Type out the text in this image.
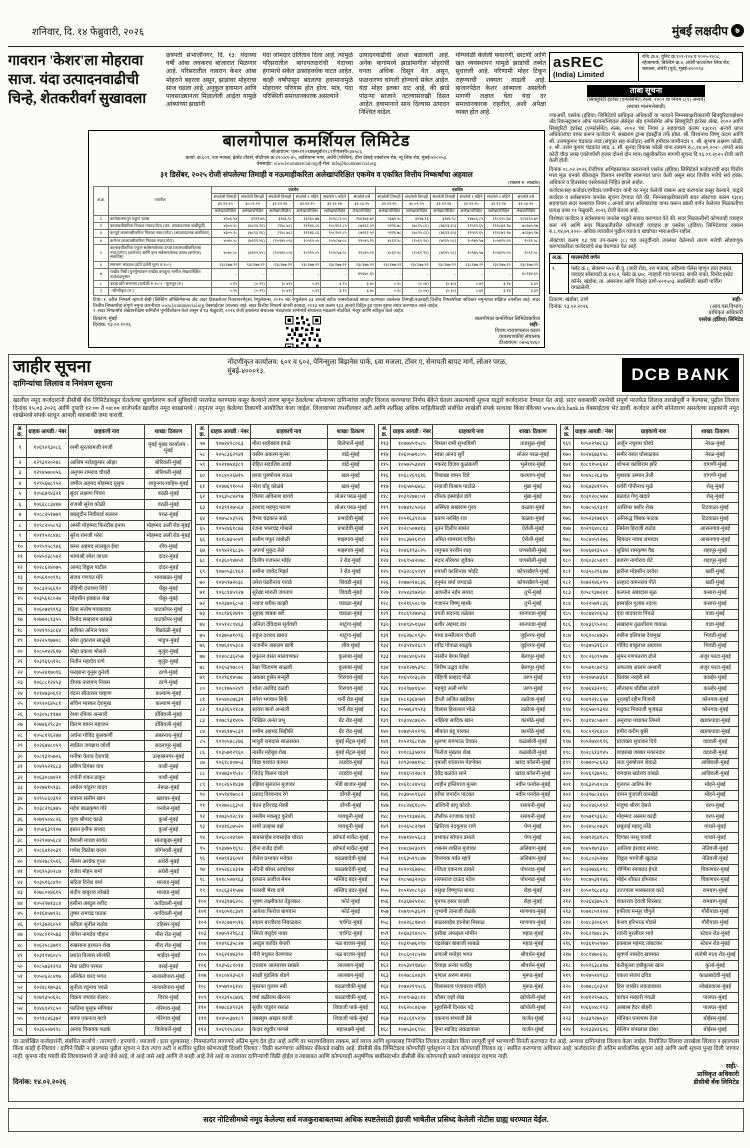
शनिवार, दि. १४ फेब्रुवारी, २०२६	मुंबई लक्षदीप ७
गावरान 'केशर'ला मोहरावा साज. यंदा उत्पादनवाढीची चिन्हे, शेतकरीवर्ग सुखावला
छत्रपती संभाजीनगर, दि. १३: यंदाच्या वर्षी आंबा लवकरच बाजारात मिळणार आहे. परिसरातील गावरान केशर आंबा मोहराने बहरला असून, झाडांवर मोहराचा साज चढला आहे. अनुकूल हवामान आणि पावसाळ्यानंतर मिळालेली आर्द्रता यामुळे आंब्याच्या झाडांनी
यंदा जोमदार उलिताव दिला आहे. त्यामुळे परिसरातील बागायतदारांची यंदाच्या हंगामाचे संकेत उत्साहवर्धक वाटत आहेत. काही वर्षांपासून बदलत्या हवामानामुळे मोहरावर परिणाम होत होता. मात्र, यंदा परिस्थिती समाधानकारक असल्याने
उत्पादनवाढीची आशा बळावली आहे. अनेक बागांमध्ये झाडांमागील मोहराची घनता अधिक दिसून येत असून, फळधारणा चांगली होण्याचे संकेत आहेत. यंदा मोहर इतका दाट आहे, की झाडे पांढऱ्या साजाने नटल्यासारखी दिसत आहेत. हवामानाने साथ दिल्यास उत्पादन निश्चित वाढेल.
योग्यवेळी केलेली फवारणी, छाटणी आणि खत व्यवस्थापन यामुळे झाडांची तब्येत सुधारली आहे. परिणामी मोहर टिकून राहण्याची शक्यता वाढली आहे. बाजारपेठेत केशर आंब्याला असलेली मागणी लक्षात घेता यंदा दर समाधानकारक राहतील, अशी अपेक्षा व्यक्त होत आहे.
asREC
(India) Limited
रजि. क्र.४, युनिट क्र.१०१-१०४ व १००५-१००८, रहेजामार्क, बिल्डिंग क्र.४, अंधेरी घाटकोपर लिंक रोड, चकाला, अंधेरी (पूर्व), मुंबई-४०००९३.
ताबा सूचना
(सिक्युरिटी इंटरेस्ट (एन्फोर्समेंट) रुल्स, २००२ चा नियम ८(१) अन्वये)
(स्थावर मालमत्तेसाठी)

ज्याअर्थी, एसरेक (इंडिया) लिमिटेडचे प्राधिकृत अधिकारी या नात्याने निम्नस्वाक्षरीकारांनी सिक्युरिटायझेशन अँड रिकन्स्ट्रक्शन ऑफ फायनान्शियल ॲसेट्स अँड एन्फोर्समेंट ऑफ सिक्युरिटी इंटरेस्ट ॲक्ट, २००२ आणि सिक्युरिटी इंटरेस्ट (एन्फोर्समेंट) रुल्स, २००२ च्या नियम ३ सहवाचता कलम १३(१२) अन्वये प्राप्त अधिकारांचा वापर करून कर्जदार मे. सखाराम ट्रान्स इंडस्ट्रीज तर्फे प्रोप्रा. श्री. विश्वनाथ विष्णू कदम आणि श्री. उत्तमकुमार चंद्रकांत लाड (संयुक्त सह-कर्जदार) आणि हमीदार/जामीनदार १. श्री. सुभाष लक्ष्मण कोळी, २. श्री. उत्तम कुमार चंद्रकांत लाड, ३. सौ. सुनंदा विकास कोळी यांना रक्कम रु.८,१४,७९,२०२/- (रुपये आठ कोटी चौदा लाख एकोणऐंशी हजार दोनशे दोन मात्र) वसुलीकरिता मागणी सूचना दि.१६.०९.२०२५ रोजी जारी केली होती.

दिनांक ०८.०२.२०२६ रोजीच्या अभिहस्तांकन करारान्वये एसरेक (इंडिया) लिमिटेडने कर्जदारांची सदर वित्तीय मत्ता मूळ धनको बँकेकडून विलयन समाविष्ट स्वरूपात प्राप्त केली असून सदर वित्तीय मत्तेचे सर्व हक्क, अधिकार व हितसंबंध एसरेककडे निहित झाले आहेत.

कर्जदार/सह-कर्जदार/हमीदार/जामीनदार यांनी वर नमूद केलेली रक्कम अदा करण्यास कसूर केल्याने, याद्वारे कर्जदार व सर्वसामान्य जनतेस सूचना देण्यात येते की, निम्नस्वाक्षरीकारांनी सदर ॲक्टच्या कलम १३(४) सहवाचता सदर रुल्सच्या नियम ८ अन्वये प्राप्त अधिकारांचा वापर करून खाली वर्णन केलेल्या मिळकतीचा प्रत्यक्ष ताबा ११ फेब्रुवारी, २०२६ रोजी घेतला आहे.

विशेषतः कर्जदार व सर्वसामान्य जनतेस याद्वारे सावध करण्यात येते की, सदर मिळकतीशी कोणताही व्यवहार करू नये आणि सदर मिळकतीवरील कोणताही व्यवहार हा एसरेक (इंडिया) लिमिटेडच्या रक्कम रु.८,१४,७९,२०२/- अधिक त्यावरील पुढील व्याज व खर्चाच्या भाराअधीन राहील.

ॲक्टच्या कलम १३ च्या उप-कलम (८) च्या तरतुदींन्वये उपलब्ध वेळेमध्ये तारण मत्तेची सोडवणूक करण्याकरिता कर्जदारांचे लक्ष वेधण्यात येत आहे.

अ.क्र.	मालमत्तेचे वर्णन
१.	फ्लॅट क्र.८, सेक्शन ५५० बी.यु. (जारी रोड), २रा मजला, अहिल्या पॅलेस म्हणून ज्ञात इमारत, जवाहर सोसायटी क्र.४९८२, फ्लॅट क्र.६७८, न्याहारी गाव पानवत, साकी नाका, विनोद इस्टेट कॉर्नर, खंडोबा, ता. अंबरनाथ आणि जिल्हा ठाणे-४२१५०३. सद्यस्थिती: खाली पार्किंग वगळलेली.
ठिकाण: खंडोबा, ठाणे
दिनांक: १३.०२.२०२६
सही/-
(आय.एस.विभाग)
प्राधिकृत अधिकारी
एसरेक (इंडिया) लिमिटेड
बालगोपाल कमर्शियल लिमिटेड
सीआयएन: एल५१९०९डब्ल्यूबी१९८१पीएलसी०३४५८६
कार्या. क्र.६०९, ९वा मजला, क्रेसेंट टॉवर्स, सीटीएस क्र.४९०/४९-४५, आशियाना नगर, अंधेरी (पश्चिम), वीरा देसाई एक्स्टेंशन रोड, न्यू लिंक रोड, मुंबई-४०००५३.
वेबसाईट: www.bcommercial.org/ई-मेल: info@bcommercial.org
३१ डिसेंबर, २०२५ रोजी संपलेल्या तिमाही व नऊमाहीकरिता अलेखापरिक्षित एकमेव व एकत्रित वित्तीय निष्कर्षांचा अहवाल
(रक्कम रु. लाखांत)
अ.क्र.	तपशील	एकमेव						एकत्रित					
		संपलेली तिमाही	संपलेली तिमाही	संपलेली तिमाही	संपलेले ९ महिने	संपलेले ९ महिने	संपलेले वर्ष	संपलेली तिमाही	संपलेली तिमाही	संपलेली तिमाही	संपलेले ९ महिने	संपलेले ९ महिने	संपलेले वर्ष
		३१.१२.२५	३०.०९.२५	३१.१२.२४	३१.१२.२५	३१.१२.२४	३१.०३.२५	३१.१२.२५	३०.०९.२५	३१.१२.२४	३१.१२.२५	३१.१२.२४	३१.०३.२५
		अलेखापरिक्षित	अलेखापरिक्षित	अलेखापरिक्षित	अलेखापरिक्षित	अलेखापरिक्षित	लेखापरिक्षित	अलेखापरिक्षित	अलेखापरिक्षित	अलेखापरिक्षित	अलेखापरिक्षित	अलेखापरिक्षित	लेखापरिक्षित
१	कार्यचालनातून एकूण उत्पन्न	४५०६.५४	३९२९.७५	३९७६.९८	१३९६०.७७	१०९८८९.५५	२५६९७३.७२	५६७५.९८	३५२७.९३	३९७६.९८	१४७८६.८९	११८९९०.६७	२८५६९५.७२
२	कालावधीकरिता निव्वळ नफा/(तोटा) (कर, अपवादात्मक बाबींपूर्वी)	४३०५.९८	(७८९३.२६)	(९५८.७८)	१११४६.८६	१०८२५२.८५	८७९६२.५२	५२२६.७८	(७८९५.८६)	(७६१३.६५)	१२५१९.६५	१११८७९.९७	७८६७५.९७
३	करपूर्व कालावधीकरिता निव्वळ नफा/(तोटा) (अपवादात्मक बाबींनंतर)	४३०५.९८	(७८९३.२६)	(९५८.७८)	१११४६.८६	१०८२५२.८५	८७९६२.५२	५२२६.७८	(७८९५.८६)	(७६१३.६५)	१२५१९.६५	१११८७९.९७	७८६७५.९७
४	करोत्तर कालावधीकरिता निव्वळ नफा/(तोटा)	४०४०.५८	(७९१९.५५)	(१०९४५.०५)	१०५१५.०५	१०५८५७.५८	९१०४५.११	४८६२.५८	(१०६९.९५)	(७९१५.५८)	१०९७५.५७	१०५४२५.५५	९५९१.५८
५	कालावधीकरिता एकूण सर्वसमावेशक उत्पन्न [कालावधीकरिताचा नफा/(तोटा) (करोत्तर) आणि इतर सर्वसमावेशक उत्पन्न (करोत्तर) समाविष्ट]	४०४०.५८	(७९१९.५५)	(१०९४५.०५)	१०५१५.०५	१०५८५७.५८	९१०४५.११	४८६२.५८	(१०६९.९५)	(७९१५.५८)	१०९७५.५७	१०५४२५.५५	९५९१.५८
६	समभाग भांडवल (प्रति दर्शनी मूल्य रु.१०/-)	९३८१७७.२२	९३८१७७.२२	९३८१७७.२२	९३८१७७.२२	९३८१७७.२२	९३८१७७.२२	९३८१७७.२२	९३८१७७.२२	९३८१७७.२२	९३८१७७.२२	९३८१७७.२२	९३८१७७.२२
७	राखीव निधी (पुनर्मूल्यांकन राखीव वगळून) मागील लेखापरिक्षित ताळेबंदानुसार	–	–	–	–	–	४५६७८.६५	–	–	–	–	–	४८२३४.६५
८	उत्पन्न प्रति समभाग (प्रत्येकी रु.१०/-) - मूलभूत (रु.)	०.१५	(०.२९)	(०.४१)	०.३९	३.९५	३.४०	०.१८	(०.०४)	(०.३०)	०.४१	३.९४	३.३९
९	- सौम्यीकृत (रु.)	०.१५	(०.२९)	(०.४१)	०.३९	३.९५	३.४०	०.१८	(०.०४)	(०.३०)	०.४१	३.९४	३.३९
टिपा: १. वरील निष्कर्ष म्हणजे सेबी (लिस्टिंग ऑब्लिगेशन्स अँड अदर डिस्क्लोजर रिक्वायरमेंट्स) रेग्युलेशन्स, २०१५ च्या रेग्युलेशन ३३ अन्वये स्टॉक एक्सचेंजकडे सादर करण्यात आलेल्या तिमाही/नऊमाही वित्तीय निष्कर्षांच्या सविस्तर नमुन्याचा संक्षिप्त तपशील आहे. सदर वित्तीय निष्कर्षांचा संपूर्ण नमुना कंपनीच्या www.bcommercial.org वेबसाईटवर उपलब्ध आहे. सदर वित्तीय निष्कर्ष कंपनी कायदा, २०१३ च्या कलम १३३ अन्वये विहित इंड एएस नुसार तयार करण्यात आले आहेत.
२. सदर निष्कर्षांचे लेखापरीक्षण समितीने पुनर्विलोकन केले असून ते १३ फेब्रुवारी, २०२६ रोजी झालेल्या संचालक मंडळाच्या सभेमध्ये संचालक मंडळाने नोंदविले, मंजूर आणि स्वीकृत केले आहेत.
ठिकाण: मुंबई
दिनांक: १३.०२.२०२६
बालगोपाल कमर्शियल लिमिटेडकरिता
सही/-
विजय नारायणलाल काला
व्यवस्थापकीय संचालक
डीआयएन: ०७५६९४६०
जाहीर सूचना
दागिन्यांचा लिलाव व निमंत्रण सूचना
नोंदणीकृत कार्यालय: ६०१ व ६०२, पेनिन्सुला बिझनेस पार्क, ६वा मजला, टॉवर ए, सेनापती बापट मार्ग, लोअर परळ, मुंबई-४०००१३.	DCB BANK
खालील नमूद कर्जदारांनी डीसीबी बँक लिमिटेडकडून घेतलेल्या सुवर्णतारण कर्ज सुविधांची परतफेड करण्यास कसूर केल्याने तारण म्हणून ठेवलेल्या सोन्याच्या दागिन्यांचा जाहीर लिलाव करण्याचा निर्णय बँकेने घेतला असल्याची सूचना याद्वारे कर्जदारांना देण्यात येत आहे. सदर थकबाकी रकमेची संपूर्ण परतफेड लिलाव तारखेपूर्वी न केल्यास, पुढील लिलाव दिनांक १५.०३.२०२६ आणि दुपारी १२:०० ते ०४:०० वाजेपर्यंत खालील नमूद शाखांमध्ये / तद्नंतर नमूद केलेल्या ठिकाणी आयोजित केला जाईल. लिलावाच्या तपशीलवार अटी आणि शर्तींसह अधिक माहितीसाठी संबंधित शाखेशी संपर्क साधावा किंवा बँकेच्या www.dcb.bank.in वेबसाईटला भेट द्यावी. कर्जदार आणि सोनेतारण असलेल्या ग्राहकांनी नमूद शाखेमध्ये संपर्क साधून आपली थकबाकी जमा करावी.
अ. क्र.	ग्राहक आयडी / नंबर	ग्राहकाचे नाव	शाखा/ ठिकाण
१	१०६९०९३०८६	रश्मी सुरतरामजी रंगजी	मुंबई मुख्य कार्यालय - मुंबई
२	१२९३९२००४८	आशिष नरोडकुमार ओझा	बोरिवली-मुंबई
३	१२९४५७००५६	अनुपम रामराव चौधरी	बोरिवली-मुंबई
४	१२९५६७८९५२	जमील अहमद मोहम्मद युसुफ	शाहूनगर/माहिम-मुंबई
५	१०५६७९४३२१	सुंदर लक्ष्मण पिचय	वरळी-मुंबई
६	१०६६८८३४४७	राजश्री सुरेश कोळी	वरळी-मुंबई
७	१०८८२५१७७९	बबलूदीन निवीयार्ड सल्लन	परळ-मुंबई
८	१०९८२५५८९३	अमरी मोहम्मद फिरदौस इनाम	मोहम्मद अली रोड-मुंबई
९	१०१९५२८४४८	सुरेश रामजी परेरा	मोहम्मद अली रोड-मुंबई
१०	१०९५९५८९४६	कमर अहमद लालबुल ईशा	शीव-मुंबई
११	१०४५९३८५४२	भाग्यश्री रमेश जाधव	दादर-मुंबई
१२	१०२८६२४०७५	आनंद विठ्ठल पाटील	दादर-मुंबई
१३	१०५६१००९१८	संजय गणपत मोरे	भायखळा-मुंबई
१४	१०८३२५६६१०	रोहिणी दत्तात्रय शिंदे	चेंबूर-मुंबई
१५	१०३५६१८०२७	मोहसीन इक्बाल शेख	चेंबूर-मुंबई
१६	१०६०७४९९१३	प्रिया संतोष गायकवाड	घाटकोपर-मुंबई
१७	१०७७२८१३५५	विनोद सखाराम कांबळे	घाटकोपर-मुंबई
१८	१०४१९०३८६४	सारिका अनिल पवार	विक्रोळी-मुंबई
१९	१०२२५९७७०८	रमेश तुकाराम साळुंखे	भांडुप-मुंबई
२०	१०८५०४२६१७	स्नेहा प्रकाश भोसले	मुलुंड-मुंबई
२१	१०३९६६५१२८	नितीन महादेव राणे	मुलुंड-मुंबई
२२	१०५२४१७०९६	फरझाना युनूस कुरेशी	ठाणे-मुंबई
२३	१०६८८१२४५३	दीपक नारायण निकम	ठाणे-मुंबई
२४	१०१४७३०६९२	वंदना सीताराम चव्हाण	कल्याण-मुंबई
२५	१०९२०६४५८१	सचिन भास्कर देशमुख	कल्याण-मुंबई
२६	१०३०५८११७४	रेश्मा रफिक अन्सारी	डोंबिवली-मुंबई
२७	१०७४६२९८३०	किरण वामन महाजन	डोंबिवली-मुंबई
२८	१०५८१९६२४७	अर्चना गोविंद कुलकर्णी	अंबरनाथ-मुंबई
२९	१०२६७४८०५९	स्वप्निल जगन्नाथ जोशी	बदलापूर-मुंबई
३०	१०८१३९५७०६	मनीषा केशव देशपांडे	उल्हासनगर-मुंबई
३१	१०४९५२१६८३	प्रवीण दिगंबर वाघ	वाशी-मुंबई
३२	१०६३०८७४२१	ज्योती शंकर ठाकूर	वाशी-मुंबई
३३	१०२७४१५९३८	अमोल पांडुरंग यादव	नेरूळ-मुंबई
३४	१०९५८६०३१२	शबाना सलीम खान	खारघर-मुंबई
३५	१०३८२९६७४५	महेश बाळकृष्ण गोरे	पनवेल-मुंबई
३६	१०७१५०४८२६	पूजा श्रीपाद काळे	कुर्ला-मुंबई
३७	१०५४६३९१०७	इम्रान हनीफ सय्यद	कुर्ला-मुंबई
३८	१०२९०७५६८४	वैशाली माधव सावंत	सांताक्रूझ-मुंबई
३९	१०८६४१२०३९	गणेश विठोबा कदम	जोगेश्वरी-मुंबई
४०	१०४२७८९५१६	नीलम अशोक गुप्ता	अंधेरी-मुंबई
४१	१०६९५३०२८७	राजेश मोहन शर्मा	अंधेरी-मुंबई
४२	१०३५१६८४९०	सरिता दिनेश वर्मा	मालाड-मुंबई
४३	१०७८०२४६१५	संदीप बाबूराव लोखंडे	मालाड-मुंबई
४४	१०५२९७१३८४	हसीना अब्दुल रशीद	कांदिवली-मुंबई
४५	१०१६४५७९२८	तुषार रामचंद्र पाठक	कांदिवली-मुंबई
४६	१०९३७२६०५१	कविता सुनील राठोड	दहिसर-मुंबई
४७	१०४८०१९५७३	योगेश नामदेव चौहान	मीरा रोड-मुंबई
४८	१०६२५८३७१९	रुखसाना इरफान शेख	मीरा रोड-मुंबई
४९	१०३१९४६०८५	प्रशांत विलास सोलंकी	भाईंदर-मुंबई
५०	१०८५७३१२९४	मेघा प्रदीप परमार	वसई-मुंबई
५१	१०५०६२८४१७	अनिकेत शरद भगत	नालासोपारा-मुंबई
५२	१०२४८१७५३६	सुनीता रघुनाथ पवळे	नालासोपारा-मुंबई
५३	१०७९३५०६२८	विक्रम जयवंत शेलार	विरार-मुंबई
५४	१०४६१२९८५०	फातिमा युसूफ मणियार	गोरेगाव-मुंबई
५५	१०९१८४६३७२	सागर एकनाथ म्हात्रे	गोरेगाव-मुंबई
५६	१०३६५०७१९८	अनघा विनायक फडके	विलेपार्ले-मुंबई
अ. क्र.	ग्राहक आयडी / नंबर	ग्राहकाचे नाव	शाखा/ ठिकाण
५७	१०७२४९८०६३	मीना साहेबराव इंगळे	विलेपार्ले-मुंबई
५८	१०५८३६२९४१	वसीम अकरम मुल्ला	वांद्रे-मुंबई
५९	१०२१७५४३८९	रोहित सदाशिव तावडे	वांद्रे-मुंबई
६०	१०८४०२६७१५	छाया पुरुषोत्तम राऊत	खार-मुंबई
६१	१०४७६९१०५२	नरेश धोंडू कोळंबे	खार-मुंबई
६२	१०६३५८४२९७	शिल्पा अविनाश बागवे	लोअर परळ-मुंबई
६३	१०३९१२७५६४	इरशाद महमूद पठाण	लोअर परळ-मुंबई
६४	१०७५८०३९२६	वैभव चंद्रकांत साठे	प्रभादेवी-मुंबई
६५	१०५२४६१८७३	रंजना भालचंद्र गोखले	प्रभादेवी-मुंबई
६६	१०१८७३५०४९	सलीम गफूर तांबोळी	माझगाव-मुंबई
६७	१०९४२१६८३५	अपर्णा मुकुंद लेले	माझगाव-मुंबई
६८	१०३६०९४७५१	दिलीप गजानन भोईर	रे रोड-मुंबई
६९	१०७०५३८१६२	समीना जावेद मिर्झा	रे रोड-मुंबई
७०	१०४५९७२०३८	उमेश पंढरीनाथ गावडे	शिवडी-मुंबई
७१	१०६८१४५९२७	सुरेखा मारुती जगताप	शिवडी-मुंबई
७२	१०२३७०६८५४	नवाज शरीफ काझी	वडाळा-मुंबई
७३	१०८९४६२७१०	सुहास त्र्यंबक बर्वे	वडाळा-मुंबई
७४	१०५१२८९४६३	अनिता देविदास सूर्यवंशी	माटुंगा-मुंबई
७५	१०३७५४१०९६	राहुल दशरथ खरात	माटुंगा-मुंबई
७६	१०७६२०५३८४	नाजनीन असलम खत्री	शीव-मुंबई
७७	१०४०८३६२५७	प्रफुल्ल वसंत मालवणकर	कुलाबा-मुंबई
७८	१०६५३९७८०२	रेखा चिंतामण साळवी	कुलाबा-मुंबई
७९	१०२९६१४५७८	अकबर हुसेन मन्सूरी	गिरगाव-मुंबई
८०	१०८१७५०२४९	श्वेता अरविंद दळवी	गिरगाव-मुंबई
८१	१०५४०८७६३१	मंगेश भगवान शिर्के	चर्नी रोड-मुंबई
८२	१०३२६५९१८७	सायरा बानो अन्सारी	चर्नी रोड-मुंबई
८३	१०७८९३१४०५	निखिल अनंत प्रभू	ग्रँट रोड-मुंबई
८४	१०४६१७५८३९	शमीम अहमद सिद्दीकी	ग्रँट रोड-मुंबई
८५	१०९०५४८२७६	माधुरी रामदास साळसकर	मुंबई सेंट्रल-मुंबई
८६	१०३५७१२९६०	नासीर महेबूब शेख	मुंबई सेंट्रल-मुंबई
८७	१०६१८४०७५३	विद्या यशवंत कामत	ताडदेव-मुंबई
८८	१०४७३०९५१८	जितेंद्र किसन घाडगे	ताडदेव-मुंबई
८९	१०८२६५१४३७	रझिया सुलतान मुजावर	भेंडी बाजार-मुंबई
९०	१०५९४१७०८२	प्रसाद विश्वनाथ रेगे	डोंगरी-मुंबई
९१	१०२७०८६३५९	चेतन हरिश्चंद्र मेस्त्री	डोंगरी-मुंबई
९२	१०७३५९२८१४	तस्लीम मकसूद कुरेशी	पायधुनी-मुंबई
९३	१०४१६८७५२०	रश्मी उल्हास वझे	पायधुनी-मुंबई
९४	१०६८०२४९७५	बाबासाहेब रावसाहेब थोरात	क्रॉफर्ड मार्केट-मुंबई
९५	१०३४७५१६९८	हीना राजेंद्र दोशी	क्रॉफर्ड मार्केट-मुंबई
९६	१०७९१३६०४२	शैलेश प्रभाकर मयेकर	काळबादेवी-मुंबई
९७	१०५२६८४३१७	नंदिनी श्रीधर आचरेकर	काळबादेवी-मुंबई
९८	१०१८५०७९६३	इरफान अजीज मेमन	मस्जिद बंदर-मुंबई
९९	१०८६३२१५७४	पल्लवी भैरव राणे	मस्जिद बंदर-मुंबई
१००	१०४३९७६२०८	भूषण लक्ष्मीकांत तेंडुलकर	फोर्ट-मुंबई
१०१	१०६०५१८३४९	आयेशा फिरोज बागवान	फोर्ट-मुंबई
१०२	१०२८७४०५१६	संग्राम बाजीराव निंबाळकर	चर्चगेट-मुंबई
१०३	१०७५१२९६८३	स्मिता वसुदेव नाबर	चर्चगेट-मुंबई
१०४	१०४९६३५८२७	अब्दुल कादिर बेपारी	नळ बाजार-मुंबई
१०५	१०६२१४७३९०	गौरी मधुकर वेलणकर	नळ बाजार-मुंबई
१०६	१०३५६८९०१४	दत्ताराम आत्माराम साखरे	लालबाग-मुंबई
१०७	१०८०४२३५६९	साक्षी पुंडलिक शेडगे	लालबाग-मुंबई
१०८	१०५७९०६१४८	मुस्तफा गुलाम नबी	काळाचौकी-मुंबई
१०९	१०२३१५८७४६	वर्षा बळीराम खैरनार	काळाचौकी-मुंबई
११०	१०७८६४९२३१	सुधीर पांडुरंग रसाळ	शिवाजी पार्क-मुंबई
१११	१०४५०३७१८९	तबस्सुम अख्तर काजी	शिवाजी पार्क-मुंबई
११२	१०६९२५८४६०	केदार रघुवीर फणसे	महालक्ष्मी-मुंबई
अ. क्र.	ग्राहक आयडी / नंबर	ग्राहकाचे नाव	शाखा/ ठिकाण
११३	१०४७४५९५८५	विमला रामी सुभाषिणी	ताडसुळ-मुंबई
११४	१०६०५७१८०५	स्वप्ना आनंद सुर्वे	लोअर परळ-मुंबई
११५	१०५७२५३४४१	मकरंद विजय कुळकर्णी	भुलेश्वर-मुंबई
११६	१०६८२६९६१६	विशाखा वामन दिवे	कल्याण-मुंबई
११७	१०६५७५६७६८	सयाजी विश्राम पाटोळे	मुंब्रा-मुंबई
११८	१०३९२७४८५१	रफिक इस्माईल डांगे	मुंब्रा-मुंबई
११९	१०७४१८५०६२	अस्मिता सखाराम गुरव	कळवा-मुंबई
१२०	१०५१६३९२८७	प्रताप नरसिंह राव	कळवा-मुंबई
१२१	१०२८५०७४१३	नूतन दिलीप सामंत	ऐरोली-मुंबई
१२२	१०८३७२६१५९	अमित शामराव गावित	ऐरोली-मुंबई
१२३	१०४६१९३८२५	शगुफ्ता परवीन शाह	घणसोली-मुंबई
१२४	१०६९५४२०७८	मंदार मोरेश्वर जुवेकर	घणसोली-मुंबई
१२५	१०३२८६५९४१	रुपाली काशिनाथ भोईटे	कोपरखैरणे-मुंबई
१२६	१०७७०१४८३६	हनुमंत धर्मा जगदाळे	कोपरखैरणे-मुंबई
१२७	१०५४३९७२६०	आफरीन नईम सय्यद	तुर्भे-मुंबई
१२८	१०२१६५०८९७	गजानन विष्णू म्हस्के	तुर्भे-मुंबई
१२९	१०८६९२७४५३	प्रगती सदानंद तळेकर	सानपाडा-मुंबई
१३०	१०४९३५१६७२	बशीर अहमद डार	सानपाडा-मुंबई
१३१	१०६२७८०९३५	माया बन्सीलाल चौधरी	जुईनगर-मुंबई
१३२	१०३५१४२६८९	रवींद्र गोपाळ साळुंके	जुईनगर-मुंबई
१३३	१०७८४०६५१२	नसरीन बेगम मिर्झा	बेलापूर-मुंबई
१३४	१०४१२७५३९८	शिरीष उद्धव वर्तक	बेलापूर-मुंबई
१३५	१०६५९०३८२४	रोहिणी प्रल्हाद गोळे	उरण-मुंबई
१३६	१०२९७४१६५०	महमूद अली मणेर	उरण-मुंबई
१३७	१०८१३६४०७९	दीप्ती अजित खांडेकर	तळोजा-मुंबई
१३८	१०५७६२९५१३	विलास हिरालाल भोळे	तळोजा-मुंबई
१३९	१०३०४८७६२५	नाझिया सादिक खान	कामोठे-मुंबई
१४०	१०७४५१०२९६	श्रीकांत बंडू पारकर	कामोठे-मुंबई
१४१	१०५२९६८१४७	सुलभा रामभाऊ देवकर	कळंबोली-मुंबई
१४२	१०१८६३५७९२	फिरोज मुख्तार शेख	कळंबोली-मुंबई
१४३	१०९३०७४१५८	वृषाली शांताराम पेडणेकर	खांदा कॉलनी-मुंबई
१४४	१०४६५९२७८१	देवेंद्र बळवंत साने	खांदा कॉलनी-मुंबई
१४५	१०६१८२४५९३	शाहीन इम्तियाज मुल्ला	नवीन पनवेल-मुंबई
१४६	१०३७५०९६४२	हरीश जनार्दन पाटकर	नवीन पनवेल-मुंबई
१४७	१०८२४६१८०५	अश्विनी बापू कोरडे	रसायनी-मुंबई
१४८	१०५९१३७४२६	तौसीफ रज्जाक घावटे	रसायनी-मुंबई
१४९	१०२६५८२९७१	क्षितिजा नंदकुमार राणे	पेण-मुंबई
१५०	१०७१४०५६८३	प्रभाकर सोपान ढमाले	पेण-मुंबई
१५१	१०४८७२३०१९	शबनम शकील मुजावर	अलिबाग-मुंबई
१५२	१०६३५१९८४७	विनायक पर्वत म्हात्रे	अलिबाग-मुंबई
१५३	१०२०९६४७५८	रंजिता एकनाथ ठाकरे	पोयनाड-मुंबई
१५४	१०८५७३२०६४	सरफराज दाऊद पटेल	पोयनाड-मुंबई
१५५	१०५१४०८९३२	वसुधा विष्णुपंत बापट	रोहा-मुंबई
१५६	१०३६७२५१४८	मुनाफ हसन कच्छी	रोहा-मुंबई
१५७	१०७९०५३६२१	शुभांगी तानाजी शेळके	माणगाव-मुंबई
१५८	१०४२६८१७५९	बाळासाहेब ज्ञानोबा मिसाळ	माणगाव-मुंबई
१५९	१०६७३९४०८५	हसीबा अफझल मोमीन	महाड-मुंबई
१६०	१०३१५७६२९४	चंद्रशेखर बाबाजी साबळे	महाड-मुंबई
१६१	१०८६०२८५१७	प्रणाली मनोहर भगत	श्रीवर्धन-मुंबई
१६२	१०५३४९१७६०	रियाझ अन्वर फकीह	श्रीवर्धन-मुंबई
१६३	१०२७८६०४३९	मृणाल अरुण सामंत	मुरूड-मुंबई
१६४	१०७४२१९५८६	विलासराव पंजाबराव मोहिते	मुरूड-मुंबई
१६५	१०४९५७३८१२	कौसर जहाँ शेख	खोपोली-मुंबई
१६६	१०६२०८४६५७	सुहासिनी दिनकर गद्रे	खोपोली-मुंबई
१६७	१०३८६१५२९४	एकनाथ संभाजी ढेबे	कर्जत-मुंबई
१६८	१०७५३०६९४८	हिना साजिद लकडावाला	कर्जत-मुंबई
अ. क्र.	ग्राहक आयडी / नंबर	ग्राहकाचे नाव	शाखा/ ठिकाण
१६९	१०५०२९७८६३	अर्जुन नथुराम चोरघे	नेरळ-मुंबई
१७०	१०२४६७३१५८	समीर वसंत घोसाळकर	नेरळ-मुंबई
१७१	१०८९१५०६४२	शोभना काशिराम झोरे	वांगणी-मुंबई
१७२	१०४५८२६३९७	मुबारक उस्मान तेली	वांगणी-मुंबई
१७३	१०६७३४१९२५	शर्वरी गोपीनाथ मुळे	शेलू-मुंबई
१७४	१०३१२०८५७४	बळवंत गेणू खंदारे	शेलू-मुंबई
१७५	१०७८५६९३०१	आसिफा बशीर शेख	टिटवाळा-मुंबई
१७६	१०५२३१७४६९	अनिरुद्ध त्रिंबक फाटक	टिटवाळा-मुंबई
१७७	१०२९६४०८१३	निर्मला हिराजी राठोड	आसनगाव-मुंबई
१७८	१०८४०५९२७६	सिकंदर नवाब जमादार	आसनगाव-मुंबई
१७९	१०४६७१३५८०	सुप्रिया रामकृष्ण वैद्य	शहापूर-मुंबई
१८०	१०६०३८५४१९	बजरंग नागोराव शेटे	शहापूर-मुंबई
१८१	१०३५८२९६४७	झरीना मोहसीन दरवेश	खर्डी-मुंबई
१८२	१०७२१४६०९५	प्रल्हाद वामनराव गीते	खर्डी-मुंबई
१८३	१०५८९३७२४१	कल्पना अंबादास सूळ	कसारा-मुंबई
१८४	१०२२५७१८३६	इस्माईल गुलाब नदाफ	कसारा-मुंबई
१८५	१०८७४२०६५३	वृंदा यादवराव पिंपळे	वाडा-मुंबई
१८६	१०४३६९५२०८	सखाराम तुळशीराम वायाळ	वाडा-मुंबई
१८७	१०६१०८४७३५	रुबीना इलियास देशमुख	भिवंडी-मुंबई
१८८	१०३७५३१६८२	गोविंद बाबूलाल अग्रवाल	भिवंडी-मुंबई
१८९	१०८२६०९५४७	सुमन गणपतराव ढोले	अंजुर फाटा-मुंबई
१९०	१०५४१८७२९३	अफताब आलम अन्सारी	अंजुर फाटा-मुंबई
१९१	१०२०७५४३६१	प्रियंका नरहरी बने	काल्हेर-मुंबई
१९२	१०७६४३२०१८	सीताराम धोंडीबा लांडगे	काल्हेर-मुंबई
१९३	१०४९२१८६५७	नूरजहाँ रहीम पिंजारी	कोनगाव-मुंबई
१९४	१०६५७०९३१४	मधुकर भिकाजी भुजबळ	कोनगाव-मुंबई
१९५	१०३१४८५७०९	अनुराधा पद्माकर लिमये	खडकपाडा-मुंबई
१९६	१०८५९२६४८०	हमीद करीम बुबेरे	खडकपाडा-मुंबई
१९७	१०५२७४०१९६	प्राजक्ता सुधाकर दिघे	वडवली-मुंबई
१९८	१०२८६१३९४५	शाहरुख जब्बार मकानदार	वडवली-मुंबई
१९९	१०७४०५८६२३	लता पुरुषोत्तम शेवाळे	आंबिवली-मुंबई
२००	१०४६९३७५१८	रामदास खंडेराव वाबळे	आंबिवली-मुंबई
२०१	१०६३२५१०८७	गुलशन आरिफ बेग	मोहने-मुंबई
२०२	१०३९७८२४६५	वामन पुंजाजी वानखेडे	मोहने-मुंबई
२०३	१०८०४६५१९२	मंजुषा श्रीरंग देसले	वरप-मुंबई
२०४	१०५७१९३६२८	मोहम्मद अस्लम काद्री	वरप-मुंबई
२०५	१०२४५८०७३९	छबूताई महादू लोंढे	गांधारे-मुंबई
२०६	१०७९२६४१८५	दिगंबर नरसू पारधी	गांधारे-मुंबई
२०७	१०४५१७९३६०	आलिया इरशाद सय्यद	नेतिवली-मुंबई
२०८	१०६८०३५२७४	विठ्ठल भागोजी खुटाळ	नेतिवली-मुंबई
२०९	१०३२७४६०९८	पौर्णिमा रमाकांत हेगडे	चिकणघर-मुंबई
२१०	१०८७५३१२४६	मोईन शौकत डोंगरकर	चिकणघर-मुंबई
२११	१०५०९६८४१३	उज्ज्वला भास्करराव काटे	रामबाग-मुंबई
२१२	१०२६४३७५८१	शंकरराव देवजी शिरसाट	रामबाग-मुंबई
२१३	१०७१८५९२०४	हफीजा मन्सूर चौगुले	गौरीपाडा-मुंबई
२१४	१०४८३२०६५९	केशव हरिभाऊ गोडसे	गौरीपाडा-मुंबई
२१५	१०६२९७४८३५	रजनी मुरलीधर भावे	स्टेशन रोड-मुंबई
२१६	१०३६१५२९७०	इकबाल महंमद तांबटकर	स्टेशन रोड-मुंबई
२१७	१०८१४७०६२८	सुवर्णा नामदेव खामकर	संतोषी माता रोड-मुंबई
२१८	१०५९६३८४१७	करीमुल्ला हबीबुल्ला खान	कुर्ला-मुंबई
२१९	१०२७५१४९६३	एकता संजय द्रविड	काळबादेवी-मुंबई
२२०	१०७४८६०३५१	हिरा जाकीर लकडावाला	लोखंडवाला-मुंबई
२२१	१०४१२९५७८६	कांचन मल्हारी गवळी	पालघर-मुंबई
२२२	१०६६०४८२९३	अब्बास हैदर बोहरी	पालघर-मुंबई
२२३	१०३३९२७५६०	मोनिका घनश्याम तेला	बोईसर-मुंबई
२२४	१०२३३४२६०६	मेल्विन शामलाल डोसा	बोईसर-मुंबई
वर उल्लेखित कर्जदारांनी, संबंधित कर्जाचे / तारणाचे / हप्त्यांचे / व्याजाचे / इतर शुल्कांसह / नियमांतर्गत लागणारे अंतिम मूल्य देय होत आहे आणि वर भरल्याशिवाय रक्कम, सर्व व्याज आणि शुल्कासह नियोजित लिलाव तारखेला किंवा त्यापूर्वी पूर्ण भरण्याची विनंती करण्यात येत आहे, अन्यथा दागिन्यांचा लिलाव केला जाईल. नियोजित लिलाव तारखेला लिलाव न झाल्यास किंवा काही ई-लिलाव / दागिने विक्री न झाल्यास पुढील सूचना न देता त्याच अटी व शर्तींवर पुढील कोणत्याही दिवशी लिलाव / विक्री करण्याचा अधिकार बँकेकडे राखीव आहे. डीसीबी बँक लिमिटेडला कोणतीही पूर्वसूचना न देता कोणताही लिलाव रद्द / स्थगित करण्याचा अधिकार आहे. कर्जदारांना ही अंतिम सार्वजनिक सूचना आहे आणि अशी सूचना पुन्हा दिली जाणार नाही. कृपया नोंद घ्यावी की लिलावामध्ये जे आहे जेथे आहे, जे आहे जसे आहे आणि जे काही आहे तेथे आहे या तत्त्वावर दागिन्यांची विक्री होईल व त्याबाबत आणि कोणत्याही अनुषंगिक बाबींसंदर्भात डीसीबी बँक कोणत्याही प्रकारे जबाबदार राहणार नाही.
दिनांक: १४.०२.२०२६
सही/-
प्राधिकृत अधिकारी
डीसीबी बँक लिमिटेड
सदर नोटिसीमध्ये नमूद केलेल्या सर्व मजकुराबाबतच्या अधिक स्पष्टतेसाठी इंग्रजी भाषेतील प्रसिध्द केलेली नोटीस ग्राह्य धरण्यात येईल.
